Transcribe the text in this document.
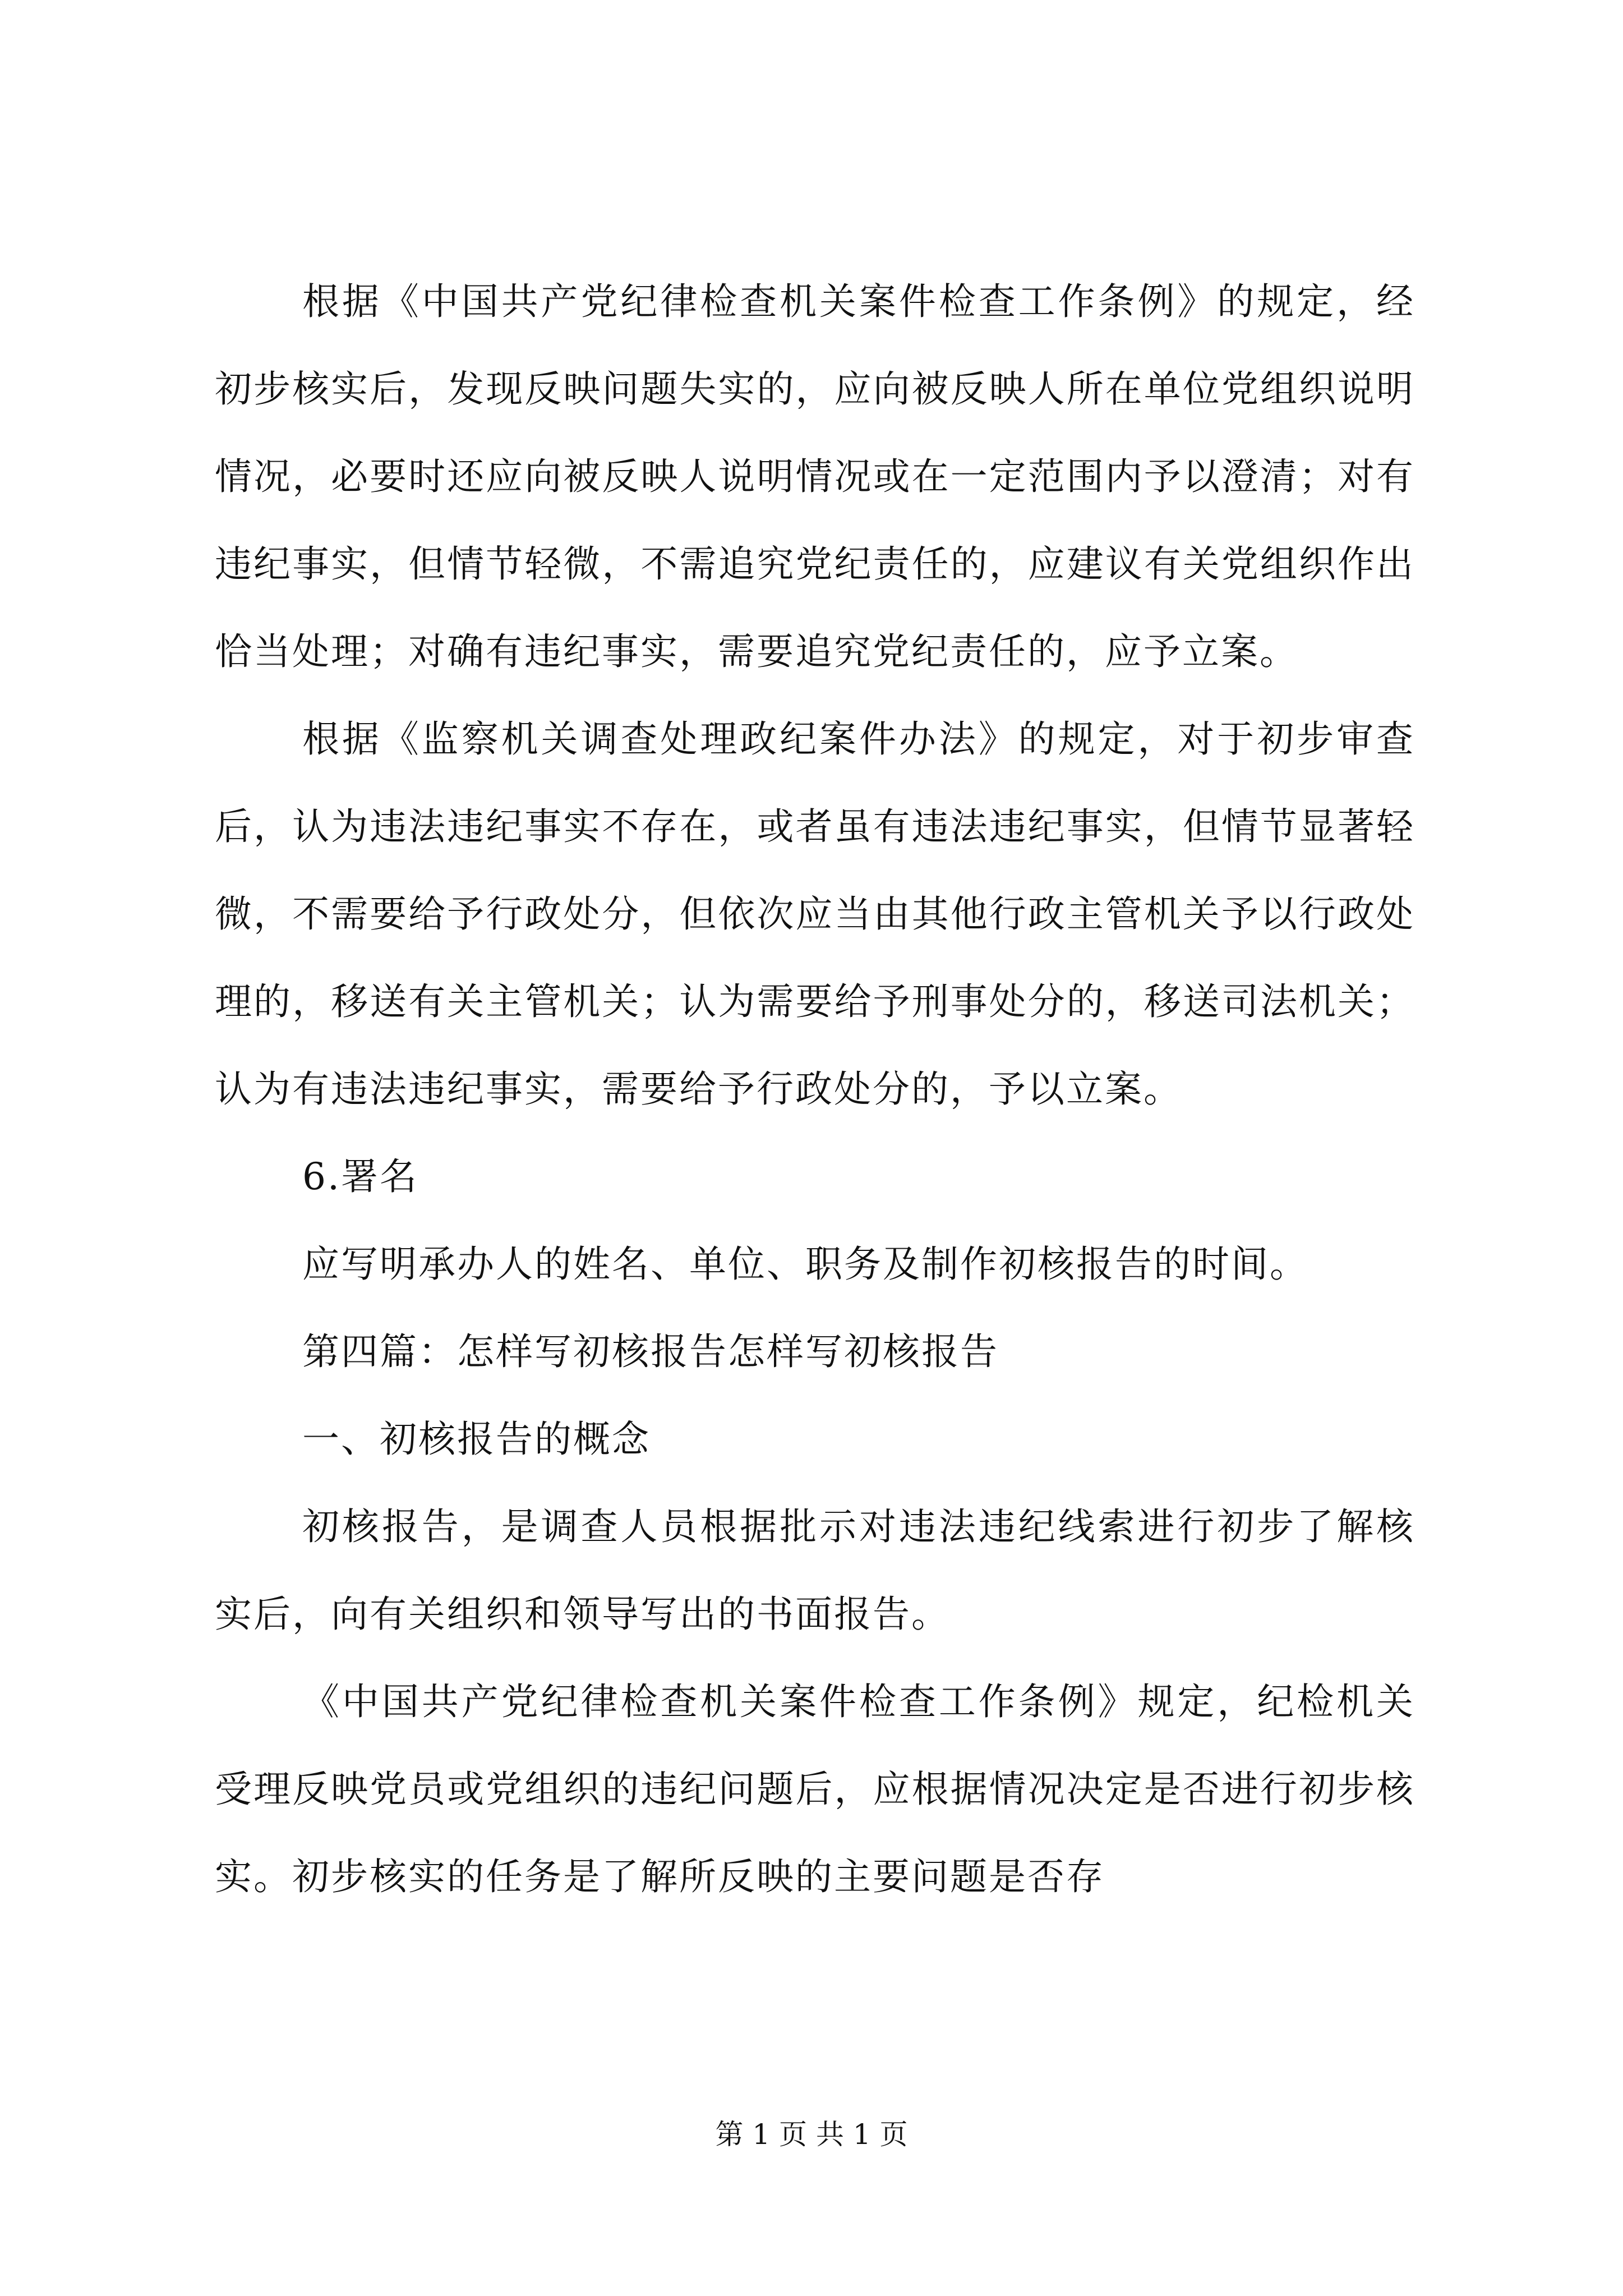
根据《中国共产党纪律检查机关案件检查工作条例》的规定，经初步核实后，发现反映问题失实的，应向被反映人所在单位党组织说明情况，必要时还应向被反映人说明情况或在一定范围内予以澄清；对有违纪事实，但情节轻微，不需追究党纪责任的，应建议有关党组织作出恰当处理；对确有违纪事实，需要追究党纪责任的，应予立案。

根据《监察机关调查处理政纪案件办法》的规定，对于初步审查后，认为违法违纪事实不存在，或者虽有违法违纪事实，但情节显著轻微，不需要给予行政处分，但依次应当由其他行政主管机关予以行政处理的，移送有关主管机关；认为需要给予刑事处分的，移送司法机关；认为有违法违纪事实，需要给予行政处分的，予以立案。

6.署名

应写明承办人的姓名、单位、职务及制作初核报告的时间。

第四篇：怎样写初核报告怎样写初核报告

一、初核报告的概念

初核报告，是调查人员根据批示对违法违纪线索进行初步了解核实后，向有关组织和领导写出的书面报告。

《中国共产党纪律检查机关案件检查工作条例》规定，纪检机关受理反映党员或党组织的违纪问题后，应根据情况决定是否进行初步核实。初步核实的任务是了解所反映的主要问题是否存

第 1 页 共 1 页
